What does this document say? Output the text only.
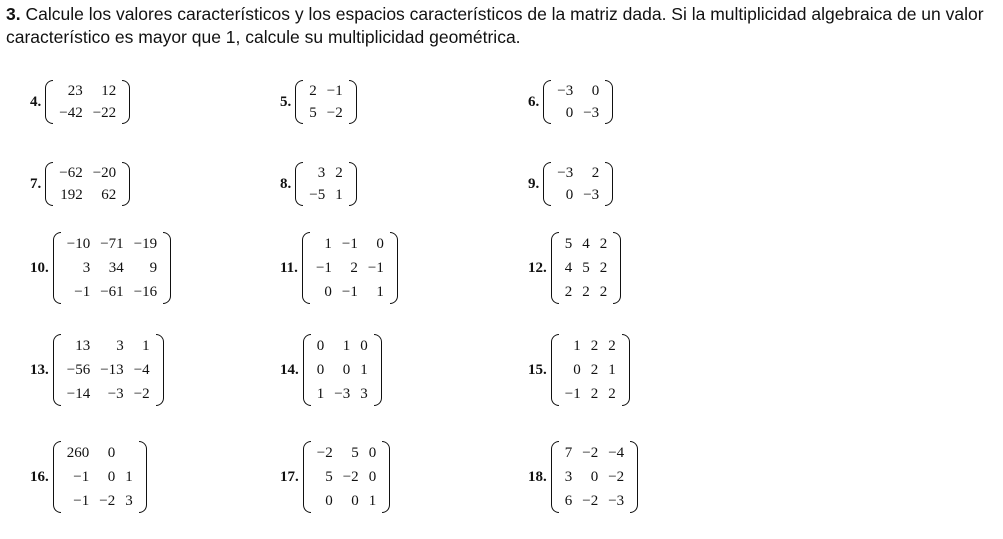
3. Calcule los valores característicos y los espacios característicos de la matriz dada. Si la multiplicidad algebraica de un valor característico es mayor que 1, calcule su multiplicidad geométrica.
4.
23	12
−42	−22
5.
2	−1
5	−2
6.
−3	0
0	−3
7.
−62	−20
192	62
8.
3	2
−5	1
9.
−3	2
0	−3
10.
−10	−71	−19
3	34	9
−1	−61	−16
11.
1	−1	0
−1	2	−1
0	−1	1
12.
5	4	2
4	5	2
2	2	2
13.
13	3	1
−56	−13	−4
−14	−3	−2
14.
0	1	0
0	0	1
1	−3	3
15.
1	2	2
0	2	1
−1	2	2
16.
260	0	
−1	0	1
−1	−2	3
17.
−2	5	0
5	−2	0
0	0	1
18.
7	−2	−4
3	0	−2
6	−2	−3
